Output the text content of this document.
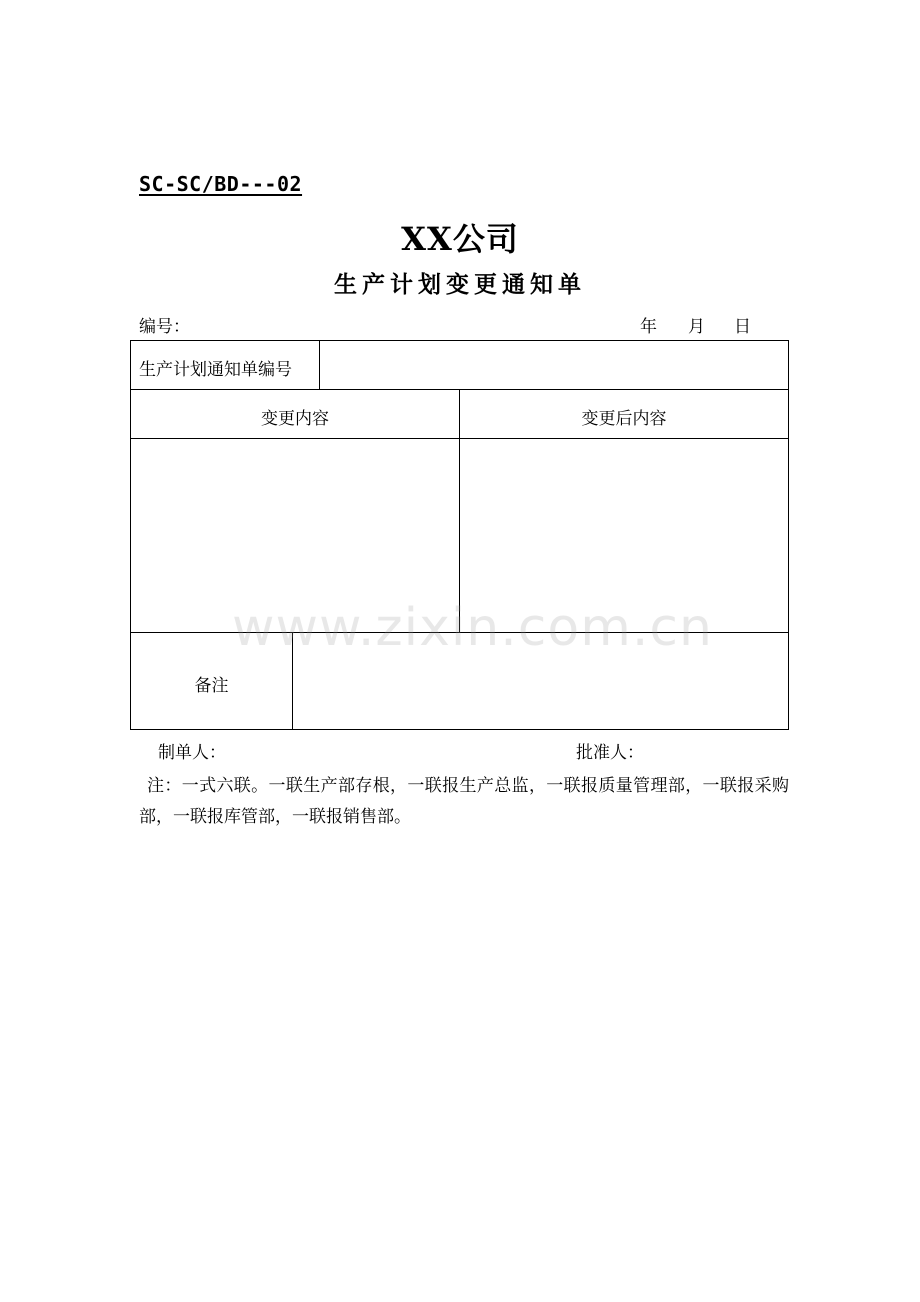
SC-SC/BD---02
XX公司
生产计划变更通知单
编号：	年	月	日
生产计划通知单编号
变更内容	变更后内容
备注
制单人：	批准人：
注：一式六联。一联生产部存根，一联报生产总监，一联报质量管理部，一联报采购部，一联报库管部，一联报销售部。
www.zixin.com.cn
